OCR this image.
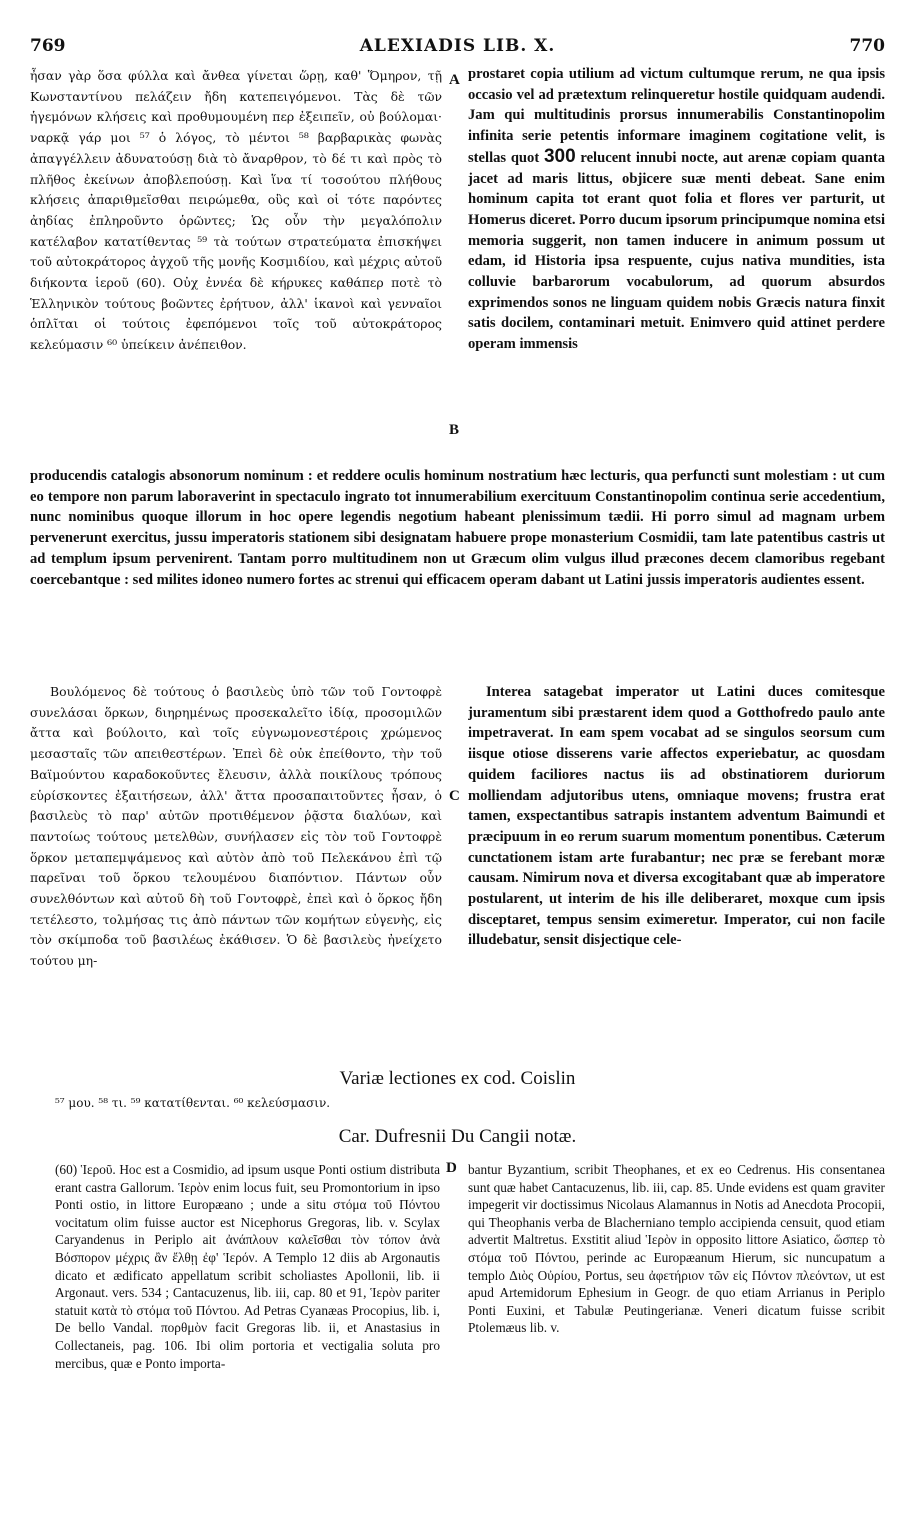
769	ALEXIADIS LIB. X.	770

ἦσαν γὰρ ὅσα φύλλα καὶ ἄνθεα γίνεται ὥρῃ, καθ' Ὅμηρον, τῇ Κωνσταντίνου πελάζειν ἤδη κατεπειγόμενοι. Τὰς δὲ τῶν ἡγεμόνων κλήσεις καὶ προθυμουμένη περ ἐξειπεῖν, οὐ βούλομαι· ναρκᾷ γάρ μοι ⁵⁷ ὁ λόγος, τὸ μέντοι ⁵⁸ βαρβαρικὰς φωνὰς ἀπαγγέλλειν ἀδυνατούσῃ διὰ τὸ ἄναρθρον, τὸ δέ τι καὶ πρὸς τὸ πλῆθος ἐκείνων ἀποβλεπούσῃ. Καὶ ἵνα τί τοσούτου πλήθους κλήσεις ἀπαριθμεῖσθαι πειρώμεθα, οὓς καὶ οἱ τότε παρόντες ἀηδίας ἐπληροῦντο ὁρῶντες; Ὡς οὖν τὴν μεγαλόπολιν κατέλαβον κατατίθεντας ⁵⁹ τὰ τούτων στρατεύματα ἐπισκήψει τοῦ αὐτοκράτορος ἀγχοῦ τῆς μονῆς Κοσμιδίου, καὶ μέχρις αὐτοῦ διήκοντα ἱεροῦ (60). Οὐχ ἐννέα δὲ κήρυκες καθάπερ ποτὲ τὸ Ἑλληνικὸν τούτους βοῶντες ἐρήτυον, ἀλλ' ἱκανοὶ καὶ γενναῖοι ὁπλῖται οἱ τούτοις ἐφεπόμενοι τοῖς τοῦ αὐτοκράτορος κελεύμασιν ⁶⁰ ὑπείκειν ἀνέπειθον.

A
B

prostaret copia utilium ad victum cultumque rerum, ne qua ipsis occasio vel ad prætextum relinqueretur hostile quidquam audendi. Jam qui multitudinis prorsus innumerabilis Constantinopolim infinita serie petentis informare imaginem cogitatione velit, is stellas quot 300 relucent innubi nocte, aut arenæ copiam quanta jacet ad maris littus, objicere suæ menti debeat. Sane enim hominum capita tot erant quot folia et flores ver parturit, ut Homerus diceret. Porro ducum ipsorum principumque nomina etsi memoria suggerit, non tamen inducere in animum possum ut edam, id Historia ipsa respuente, cujus nativa mundities, ista colluvie barbarorum vocabulorum, ad quorum absurdos exprimendos sonos ne linguam quidem nobis Græcis natura finxit satis docilem, contaminari metuit. Enimvero quid attinet perdere operam immensis

producendis catalogis absonorum nominum : et reddere oculis hominum nostratium hæc lecturis, qua perfuncti sunt molestiam : ut cum eo tempore non parum laboraverint in spectaculo ingrato tot innumerabilium exercituum Constantinopolim continua serie accedentium, nunc nominibus quoque illorum in hoc opere legendis negotium habeant plenissimum tædii. Hi porro simul ad magnam urbem pervenerunt exercitus, jussu imperatoris stationem sibi designatam habuere prope monasterium Cosmidii, tam late patentibus castris ut ad templum ipsum pervenirent. Tantam porro multitudinem non ut Græcum olim vulgus illud præcones decem clamoribus regebant coercebantque : sed milites idoneo numero fortes ac strenui qui efficacem operam dabant ut Latini jussis imperatoris audientes essent.

Βουλόμενος δὲ τούτους ὁ βασιλεὺς ὑπὸ τῶν τοῦ Γοντοφρὲ συνελάσαι ὅρκων, διηρημένως προσεκαλεῖτο ἰδίᾳ, προσομιλῶν ἄττα καὶ βούλοιτο, καὶ τοῖς εὐγνωμονεστέροις χρώμενος μεσασταῖς τῶν απειθεστέρων. Ἐπεὶ δὲ οὐκ ἐπείθοντο, τὴν τοῦ Βαϊμούντου καραδοκοῦντες ἔλευσιν, ἀλλὰ ποικίλους τρόπους εὑρίσκοντες ἐξαιτήσεων, ἀλλ' ἄττα προσαπαιτοῦντες ἦσαν, ὁ βασιλεὺς τὸ παρ' αὐτῶν προτιθέμενον ῥᾷστα διαλύων, καὶ παντοίως τούτους μετελθὼν, συνήλασεν εἰς τὸν τοῦ Γοντοφρὲ ὅρκον μεταπεμψάμενος καὶ αὐτὸν ἀπὸ τοῦ Πελεκάνου ἐπὶ τῷ παρεῖναι τοῦ ὅρκου τελουμένου διαπόντιον. Πάντων οὖν συνελθόντων καὶ αὐτοῦ δὴ τοῦ Γοντοφρὲ, ἐπεὶ καὶ ὁ ὅρκος ἤδη τετέλεστο, τολμήσας τις ἀπὸ πάντων τῶν κομήτων εὐγενὴς, εἰς τὸν σκίμποδα τοῦ βασιλέως ἐκάθισεν. Ὁ δὲ βασιλεὺς ἠνείχετο τούτου μη-

C

Interea satagebat imperator ut Latini duces comitesque juramentum sibi præstarent idem quod a Gotthofredo paulo ante impetraverat. In eam spem vocabat ad se singulos seorsum cum iisque otiose disserens varie affectos experiebatur, ac quosdam quidem faciliores nactus iis ad obstinatiorem duriorum molliendam adjutoribus utens, omniaque movens; frustra erat tamen, exspectantibus satrapis instantem adventum Baimundi et præcipuum in eo rerum suarum momentum ponentibus. Cæterum cunctationem istam arte furabantur; nec præ se ferebant moræ causam. Nimirum nova et diversa excogitabant quæ ab imperatore postularent, ut interim de his ille deliberaret, moxque cum ipsis disceptaret, tempus sensim eximeretur. Imperator, cui non facile illudebatur, sensit disjectique cele-

Variæ lectiones ex cod. Coislin
⁵⁷ μου. ⁵⁸ τι. ⁵⁹ κατατίθενται. ⁶⁰ κελεύσμασιν.
Car. Dufresnii Du Cangii notæ.

(60) Ἱεροῦ. Hoc est a Cosmidio, ad ipsum usque Ponti ostium distributa erant castra Gallorum. Ἱερὸν enim locus fuit, seu Promontorium in ipso Ponti ostio, in littore Europæano ; unde a situ στόμα τοῦ Πόντου vocitatum olim fuisse auctor est Nicephorus Gregoras, lib. v. Scylax Caryandenus in Periplo ait ἀνάπλουν καλεῖσθαι τὸν τόπον ἀνὰ Βόσπορον μέχρις ἂν ἔλθῃ ἐφ' Ἱερόν. A Templo 12 diis ab Argonautis dicato et ædificato appellatum scribit scholiastes Apollonii, lib. ii Argonaut. vers. 534 ; Cantacuzenus, lib. iii, cap. 80 et 91, Ἱερὸν pariter statuit κατὰ τὸ στόμα τοῦ Πόντου. Ad Petras Cyanæas Procopius, lib. i, De bello Vandal. πορθμὸν facit Gregoras lib. ii, et Anastasius in Collectaneis, pag. 106. Ibi olim portoria et vectigalia soluta pro mercibus, quæ e Ponto importa-

D bantur Byzantium, scribit Theophanes, et ex eo Cedrenus. His consentanea sunt quæ habet Cantacuzenus, lib. iii, cap. 85. Unde evidens est quam graviter impegerit vir doctissimus Nicolaus Alamannus in Notis ad Anecdota Procopii, qui Theophanis verba de Blacherniano templo accipienda censuit, quod etiam advertit Maltretus. Exstitit aliud Ἱερὸν in opposito littore Asiatico, ὥσπερ τὸ στόμα τοῦ Πόντου, perinde ac Europæanum Hierum, sic nuncupatum a templo Διὸς Οὐρίου, Portus, seu ἀφετήριον τῶν εἰς Πόντον πλεόντων, ut est apud Artemidorum Ephesium in Geogr. de quo etiam Arrianus in Periplo Ponti Euxini, et Tabulæ Peutingerianæ. Veneri dicatum fuisse scribit Ptolemæus lib. v.
